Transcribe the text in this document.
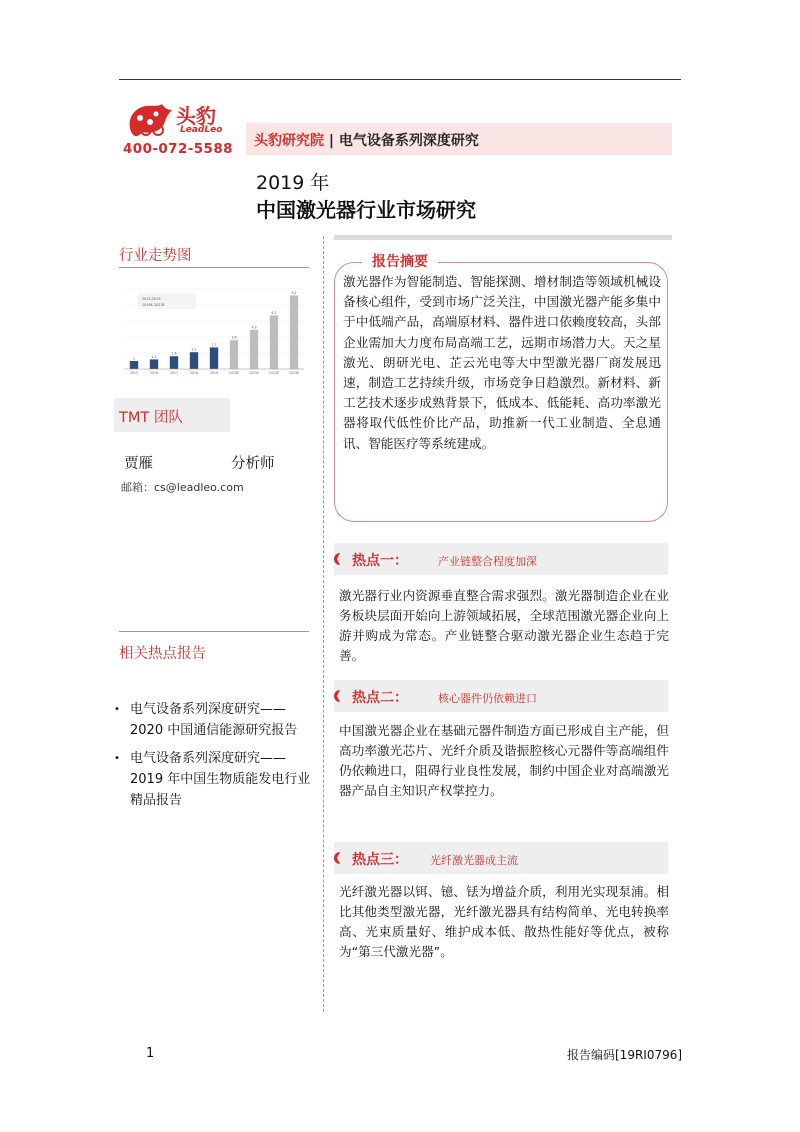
头豹
LeadLeo
400-072-5588 头豹研究院 | 电气设备系列深度研究
2019 年
中国激光器行业市场研究
行业走势图
2015-2019
2019E-2023E
1	1.2
1.6
2.1
2.7
3.6
4.9
6.7
9.2
2015	2016	2017	2018	2019	2020E	2021E	2022E	2023E
TMT 团队
贾雁	分析师
邮箱：cs@leadleo.com
相关热点报告
• 电气设备系列深度研究——2020 中国通信能源研究报告
• 电气设备系列深度研究——2019 年中国生物质能发电行业精品报告
报告摘要
激光器作为智能制造、智能探测、增材制造等领域机械设备核心组件，受到市场广泛关注，中国激光器产能多集中于中低端产品，高端原材料、器件进口依赖度较高，头部企业需加大力度布局高端工艺，远期市场潜力大。天之星激光、朗研光电、芷云光电等大中型激光器厂商发展迅速，制造工艺持续升级，市场竞争日趋激烈。新材料、新工艺技术逐步成熟背景下，低成本、低能耗、高功率激光器将取代低性价比产品，助推新一代工业制造、全息通讯、智能医疗等系统建成。
热点一：	产业链整合程度加深
激光器行业内资源垂直整合需求强烈。激光器制造企业在业务板块层面开始向上游领域拓展，全球范围激光器企业向上游并购成为常态。产业链整合驱动激光器企业生态趋于完善。
热点二：	核心器件仍依赖进口
中国激光器企业在基础元器件制造方面已形成自主产能，但高功率激光芯片、光纤介质及谐振腔核心元器件等高端组件仍依赖进口，阻碍行业良性发展，制约中国企业对高端激光器产品自主知识产权掌控力。
热点三： 光纤激光器成主流
光纤激光器以铒、镱、铥为增益介质，利用光实现泵浦。相比其他类型激光器，光纤激光器具有结构简单、光电转换率高、光束质量好、维护成本低、散热性能好等优点，被称为“第三代激光器”。
1	报告编码[19RI0796]
